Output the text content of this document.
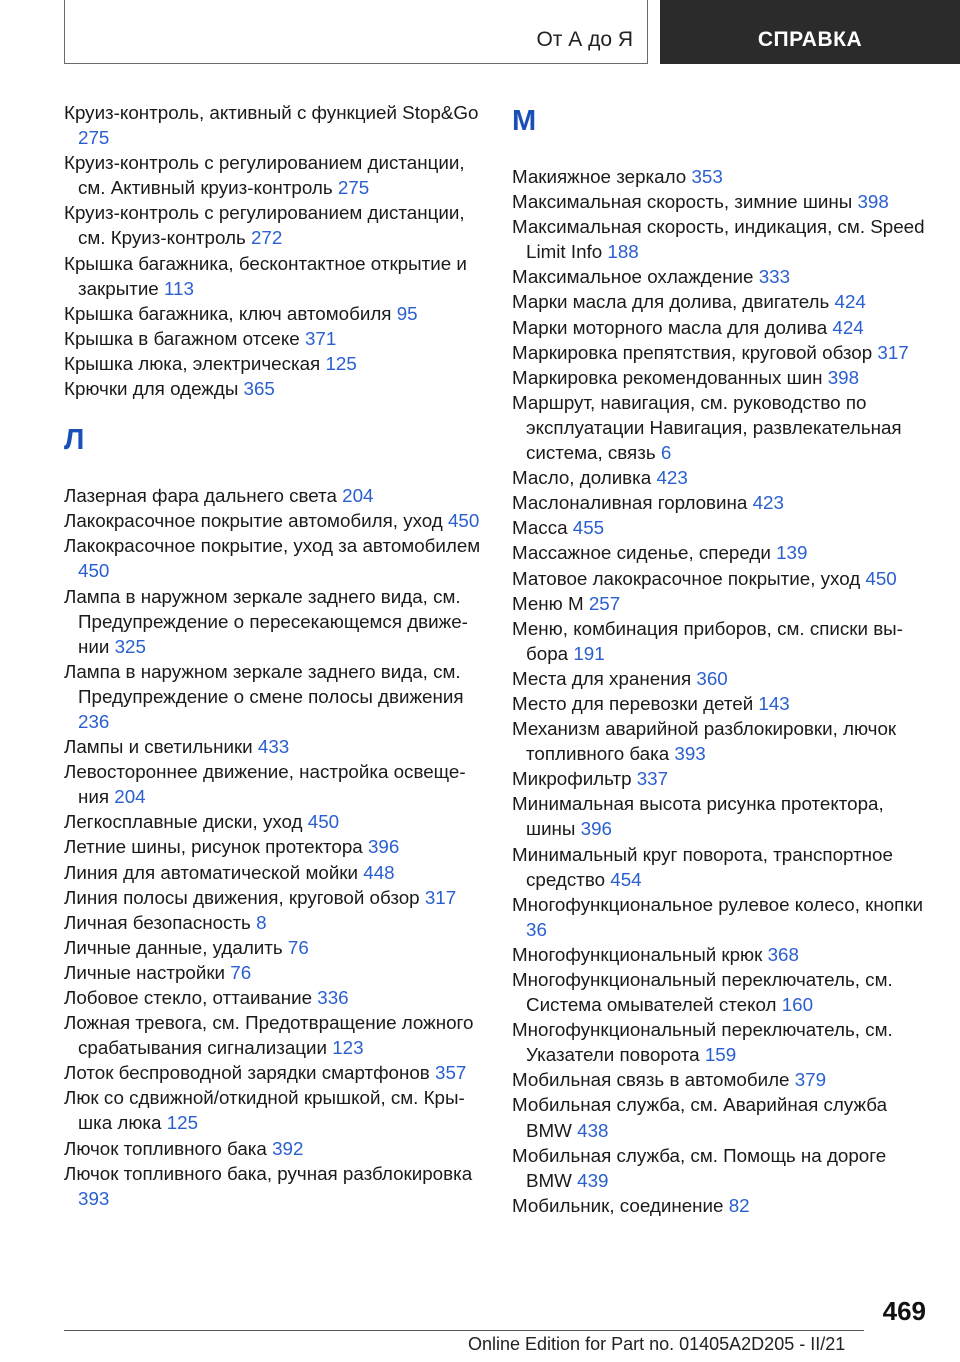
От А до Я	СПРАВКА
Круиз-контроль, активный с функцией Stop&Go 275
Круиз-контроль с регулированием дистанции, см. Активный круиз-контроль 275
Круиз-контроль с регулированием дистанции, см. Круиз-контроль 272
Крышка багажника, бесконтактное открытие и закрытие 113
Крышка багажника, ключ автомобиля 95
Крышка в багажном отсеке 371
Крышка люка, электрическая 125
Крючки для одежды 365
Л
Лазерная фара дальнего света 204
Лакокрасочное покрытие автомобиля, уход 450
Лакокрасочное покрытие, уход за автомобилем 450
Лампа в наружном зеркале заднего вида, см. Предупреждение о пересекающемся движении 325
Лампа в наружном зеркале заднего вида, см. Предупреждение о смене полосы движения 236
Лампы и светильники 433
Левостороннее движение, настройка освещения 204
Легкосплавные диски, уход 450
Летние шины, рисунок протектора 396
Линия для автоматической мойки 448
Линия полосы движения, круговой обзор 317
Личная безопасность 8
Личные данные, удалить 76
Личные настройки 76
Лобовое стекло, оттаивание 336
Ложная тревога, см. Предотвращение ложного срабатывания сигнализации 123
Лоток беспроводной зарядки смартфонов 357
Люк со сдвижной/откидной крышкой, см. Крышка люка 125
Лючок топливного бака 392
Лючок топливного бака, ручная разблокировка 393
М
Макияжное зеркало 353
Максимальная скорость, зимние шины 398
Максимальная скорость, индикация, см. Speed Limit Info 188
Максимальное охлаждение 333
Марки масла для долива, двигатель 424
Марки моторного масла для долива 424
Маркировка препятствия, круговой обзор 317
Маркировка рекомендованных шин 398
Маршрут, навигация, см. руководство по эксплуатации Навигация, развлекательная система, связь 6
Масло, доливка 423
Маслоналивная горловина 423
Масса 455
Массажное сиденье, спереди 139
Матовое лакокрасочное покрытие, уход 450
Меню M 257
Меню, комбинация приборов, см. списки выбора 191
Места для хранения 360
Место для перевозки детей 143
Механизм аварийной разблокировки, лючок топливного бака 393
Микрофильтр 337
Минимальная высота рисунка протектора, шины 396
Минимальный круг поворота, транспортное средство 454
Многофункциональное рулевое колесо, кнопки 36
Многофункциональный крюк 368
Многофункциональный переключатель, см. Система омывателей стекол 160
Многофункциональный переключатель, см. Указатели поворота 159
Мобильная связь в автомобиле 379
Мобильная служба, см. Аварийная служба BMW 438
Мобильная служба, см. Помощь на дороге BMW 439
Мобильник, соединение 82
469
Online Edition for Part no. 01405A2D205 - II/21
